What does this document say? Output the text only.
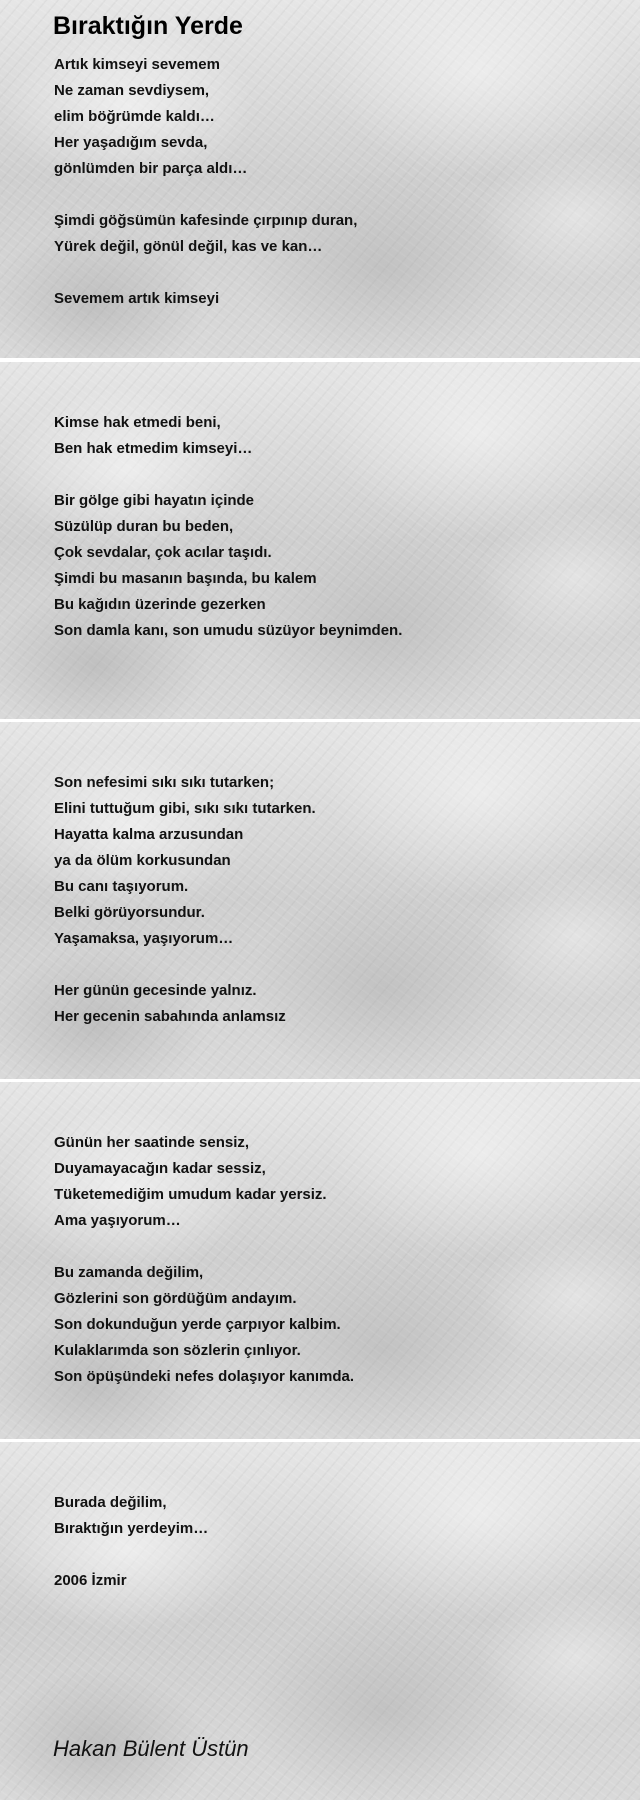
Bıraktığın Yerde
Artık kimseyi sevemem
Ne zaman sevdiysem,
elim böğrümde kaldı…
Her yaşadığım sevda,
gönlümden bir parça aldı…
Şimdi göğsümün kafesinde çırpınıp duran,
Yürek değil, gönül değil, kas ve kan…
Sevemem artık kimseyi
Kimse hak etmedi beni,
Ben hak etmedim kimseyi…
Bir gölge gibi hayatın içinde
Süzülüp duran bu beden,
Çok sevdalar, çok acılar taşıdı.
Şimdi bu masanın başında, bu kalem
Bu kağıdın üzerinde gezerken
Son damla kanı, son umudu süzüyor beynimden.
Son nefesimi sıkı sıkı tutarken;
Elini tuttuğum gibi, sıkı sıkı tutarken.
Hayatta kalma arzusundan
ya da ölüm korkusundan
Bu canı taşıyorum.
Belki görüyorsundur.
Yaşamaksa, yaşıyorum…
Her günün gecesinde yalnız.
Her gecenin sabahında anlamsız
Günün her saatinde sensiz,
Duyamayacağın kadar sessiz,
Tüketemediğim umudum kadar yersiz.
Ama yaşıyorum…
Bu zamanda değilim,
Gözlerini son gördüğüm andayım.
Son dokunduğun yerde çarpıyor kalbim.
Kulaklarımda son sözlerin çınlıyor.
Son öpüşündeki nefes dolaşıyor kanımda.
Burada değilim,
Bıraktığın yerdeyim…
2006 İzmir

Hakan Bülent Üstün
